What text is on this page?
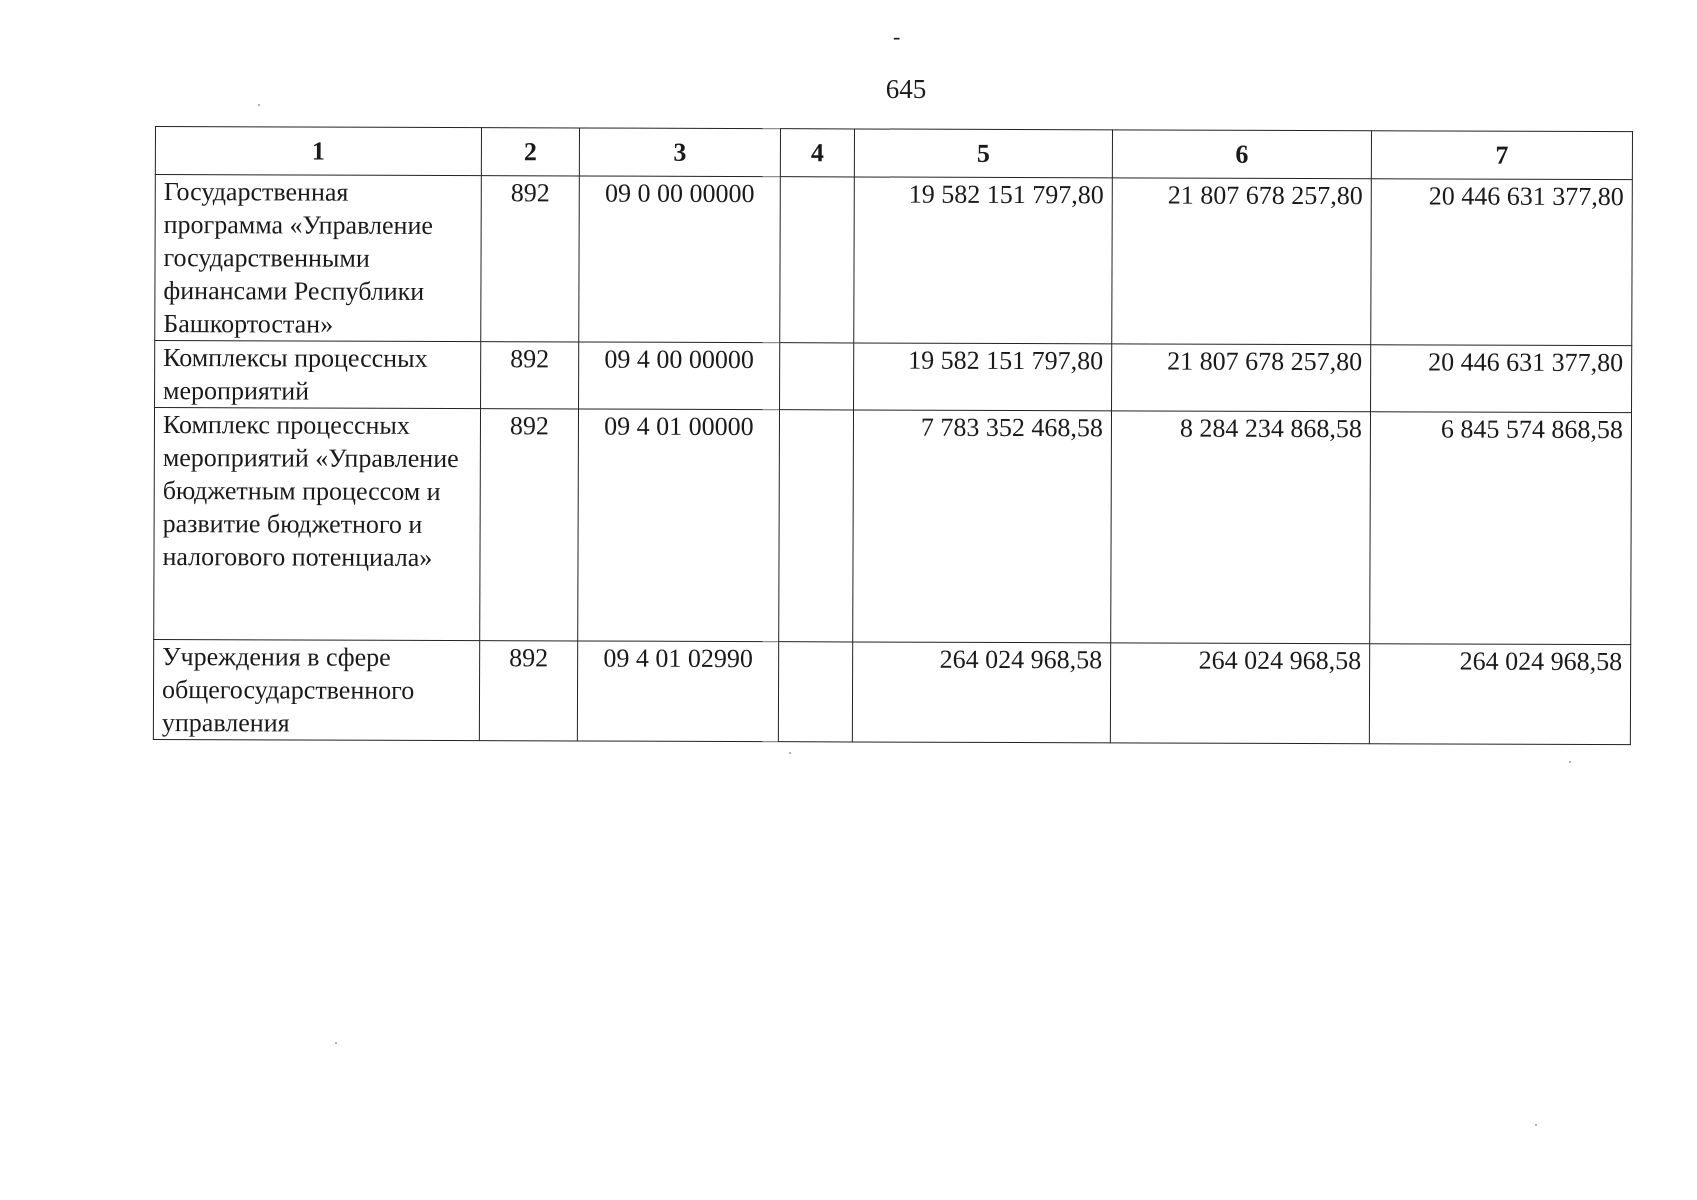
-
645
1	2	3	4	5	6	7
Государственная программа «Управление государственными финансами Республики Башкортостан»	892	09 0 00 00000		19 582 151 797,80	21 807 678 257,80	20 446 631 377,80
Комплексы процессных мероприятий	892	09 4 00 00000		19 582 151 797,80	21 807 678 257,80	20 446 631 377,80
Комплекс процессных мероприятий «Управление бюджетным процессом и развитие бюджетного и налогового потенциала»	892	09 4 01 00000		7 783 352 468,58	8 284 234 868,58	6 845 574 868,58
Учреждения в сфере общегосударственного управления	892	09 4 01 02990		264 024 968,58	264 024 968,58	264 024 968,58
